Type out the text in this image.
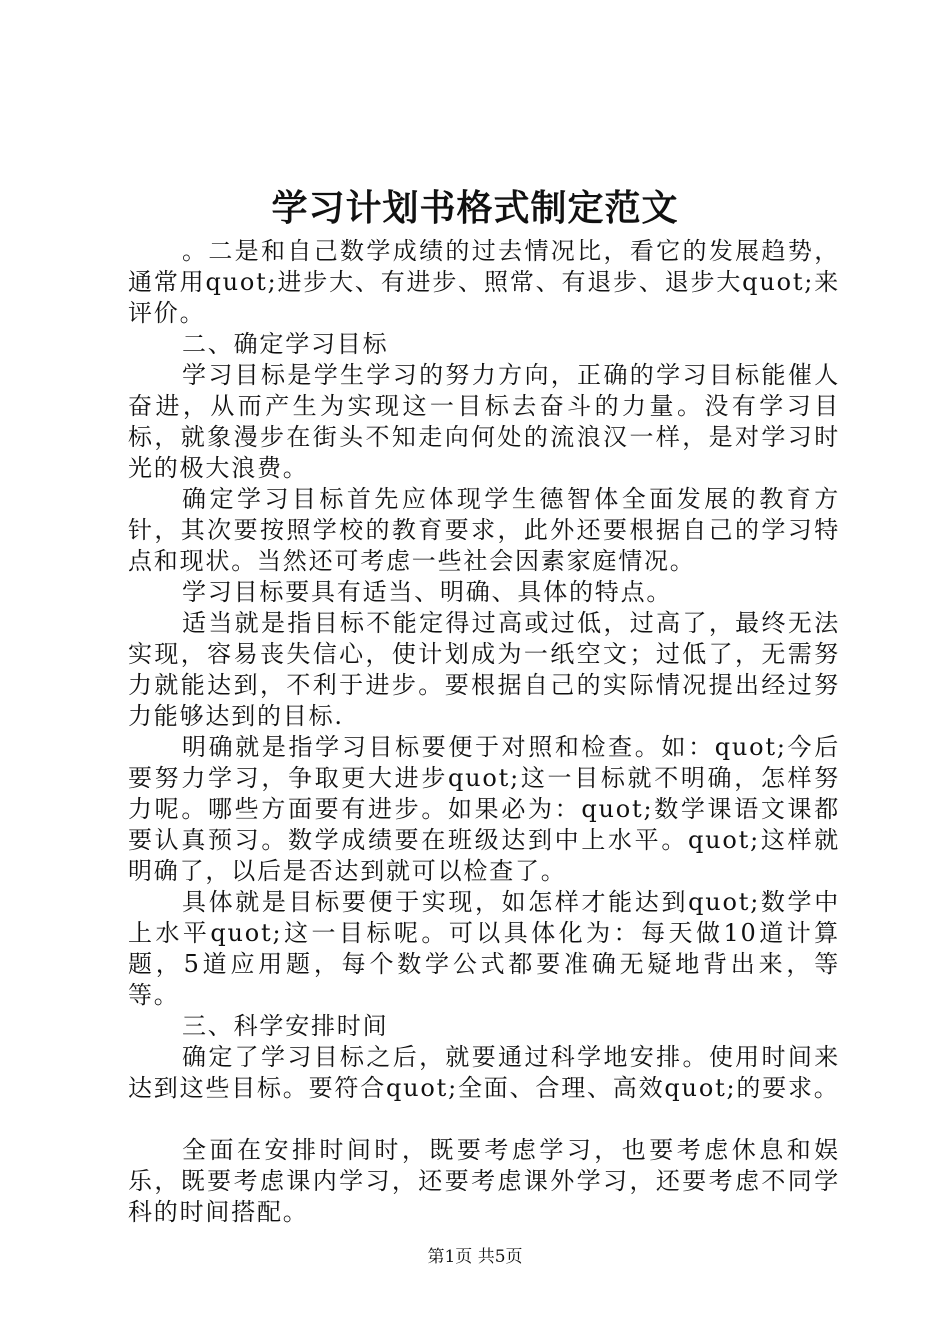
学习计划书格式制定范文

。二是和自己数学成绩的过去情况比，看它的发展趋势，通常用quot;进步大、有进步、照常、有退步、退步大quot;来评价。

二、确定学习目标

学习目标是学生学习的努力方向，正确的学习目标能催人奋进，从而产生为实现这一目标去奋斗的力量。没有学习目标，就象漫步在街头不知走向何处的流浪汉一样，是对学习时光的极大浪费。

确定学习目标首先应体现学生德智体全面发展的教育方针，其次要按照学校的教育要求，此外还要根据自己的学习特点和现状。当然还可考虑一些社会因素家庭情况。

学习目标要具有适当、明确、具体的特点。

适当就是指目标不能定得过高或过低，过高了，最终无法实现，容易丧失信心，使计划成为一纸空文；过低了，无需努力就能达到，不利于进步。要根据自己的实际情况提出经过努力能够达到的目标.

明确就是指学习目标要便于对照和检查。如：quot;今后要努力学习，争取更大进步quot;这一目标就不明确，怎样努力呢。哪些方面要有进步。如果必为：quot;数学课语文课都要认真预习。数学成绩要在班级达到中上水平。quot;这样就明确了，以后是否达到就可以检查了。

具体就是目标要便于实现，如怎样才能达到quot;数学中上水平quot;这一目标呢。可以具体化为：每天做10道计算题，5道应用题，每个数学公式都要准确无疑地背出来，等等。

三、科学安排时间

确定了学习目标之后，就要通过科学地安排。使用时间来达到这些目标。要符合quot;全面、合理、高效quot;的要求。

全面在安排时间时，既要考虑学习，也要考虑休息和娱乐，既要考虑课内学习，还要考虑课外学习，还要考虑不同学科的时间搭配。

第1页 共5页
